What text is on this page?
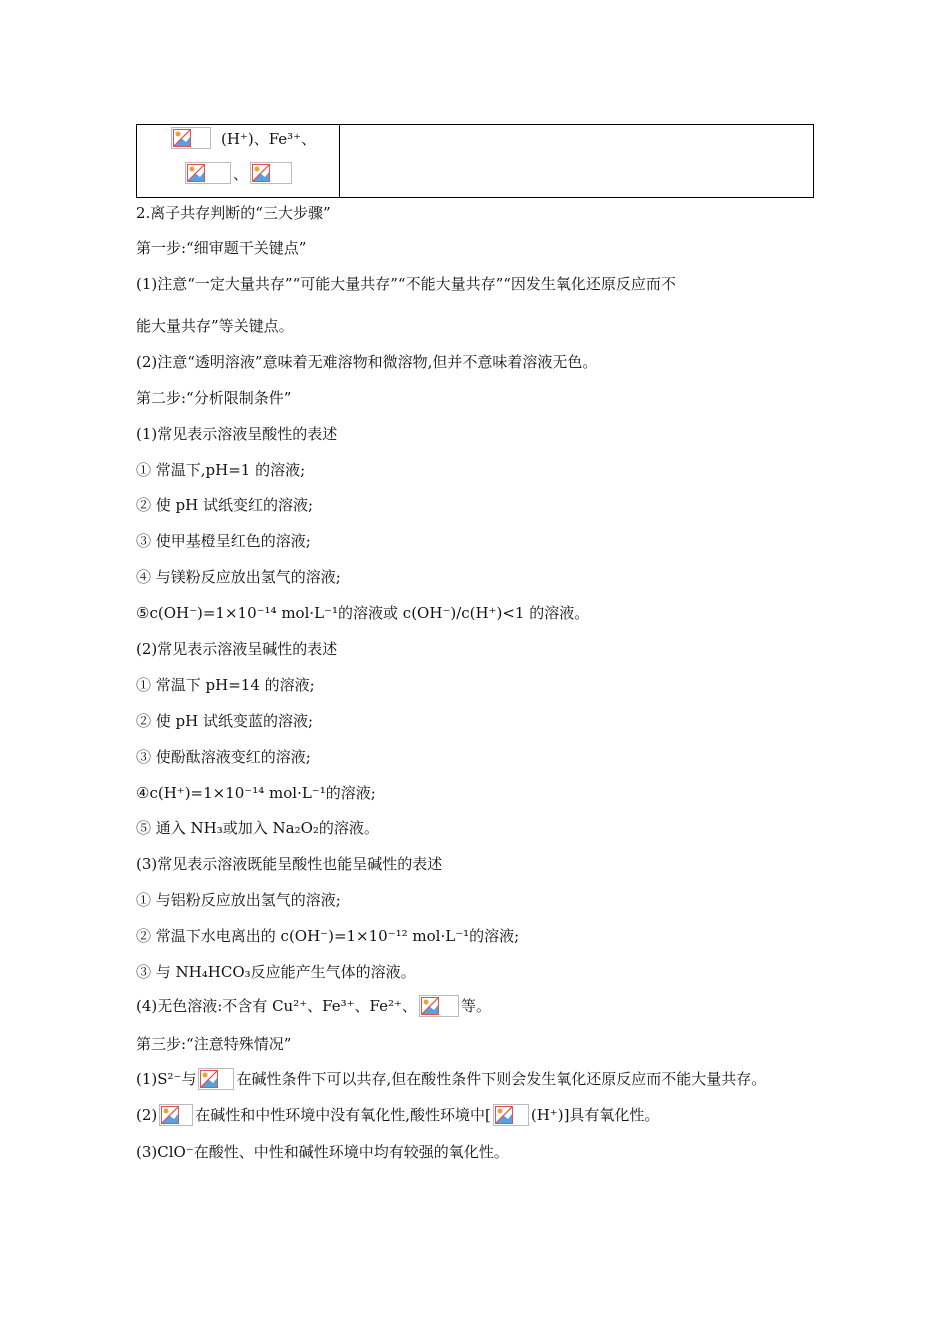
(H⁺)、Fe³⁺、
、
2.离子共存判断的“三大步骤”
第一步:“细审题干关键点”
(1)注意“一定大量共存”“可能大量共存”“不能大量共存”“因发生氧化还原反应而不
能大量共存”等关键点。
(2)注意“透明溶液”意味着无难溶物和微溶物,但并不意味着溶液无色。
第二步:“分析限制条件”
(1)常见表示溶液呈酸性的表述
① 常温下,pH=1 的溶液;
② 使 pH 试纸变红的溶液;
③ 使甲基橙呈红色的溶液;
④ 与镁粉反应放出氢气的溶液;
⑤c(OH⁻)=1×10⁻¹⁴ mol·L⁻¹的溶液或 c(OH⁻)/c(H⁺)<1 的溶液。
(2)常见表示溶液呈碱性的表述
① 常温下 pH=14 的溶液;
② 使 pH 试纸变蓝的溶液;
③ 使酚酞溶液变红的溶液;
④c(H⁺)=1×10⁻¹⁴ mol·L⁻¹的溶液;
⑤ 通入 NH₃或加入 Na₂O₂的溶液。
(3)常见表示溶液既能呈酸性也能呈碱性的表述
① 与铝粉反应放出氢气的溶液;
② 常温下水电离出的 c(OH⁻)=1×10⁻¹² mol·L⁻¹的溶液;
③ 与 NH₄HCO₃反应能产生气体的溶液。
(4)无色溶液:不含有 Cu²⁺、Fe³⁺、Fe²⁺、	等。
第三步:“注意特殊情况”
(1)S²⁻与	在碱性条件下可以共存,但在酸性条件下则会发生氧化还原反应而不能大量共存。
(2)	在碱性和中性环境中没有氧化性,酸性环境中[	(H⁺)]具有氧化性。
(3)ClO⁻在酸性、中性和碱性环境中均有较强的氧化性。
